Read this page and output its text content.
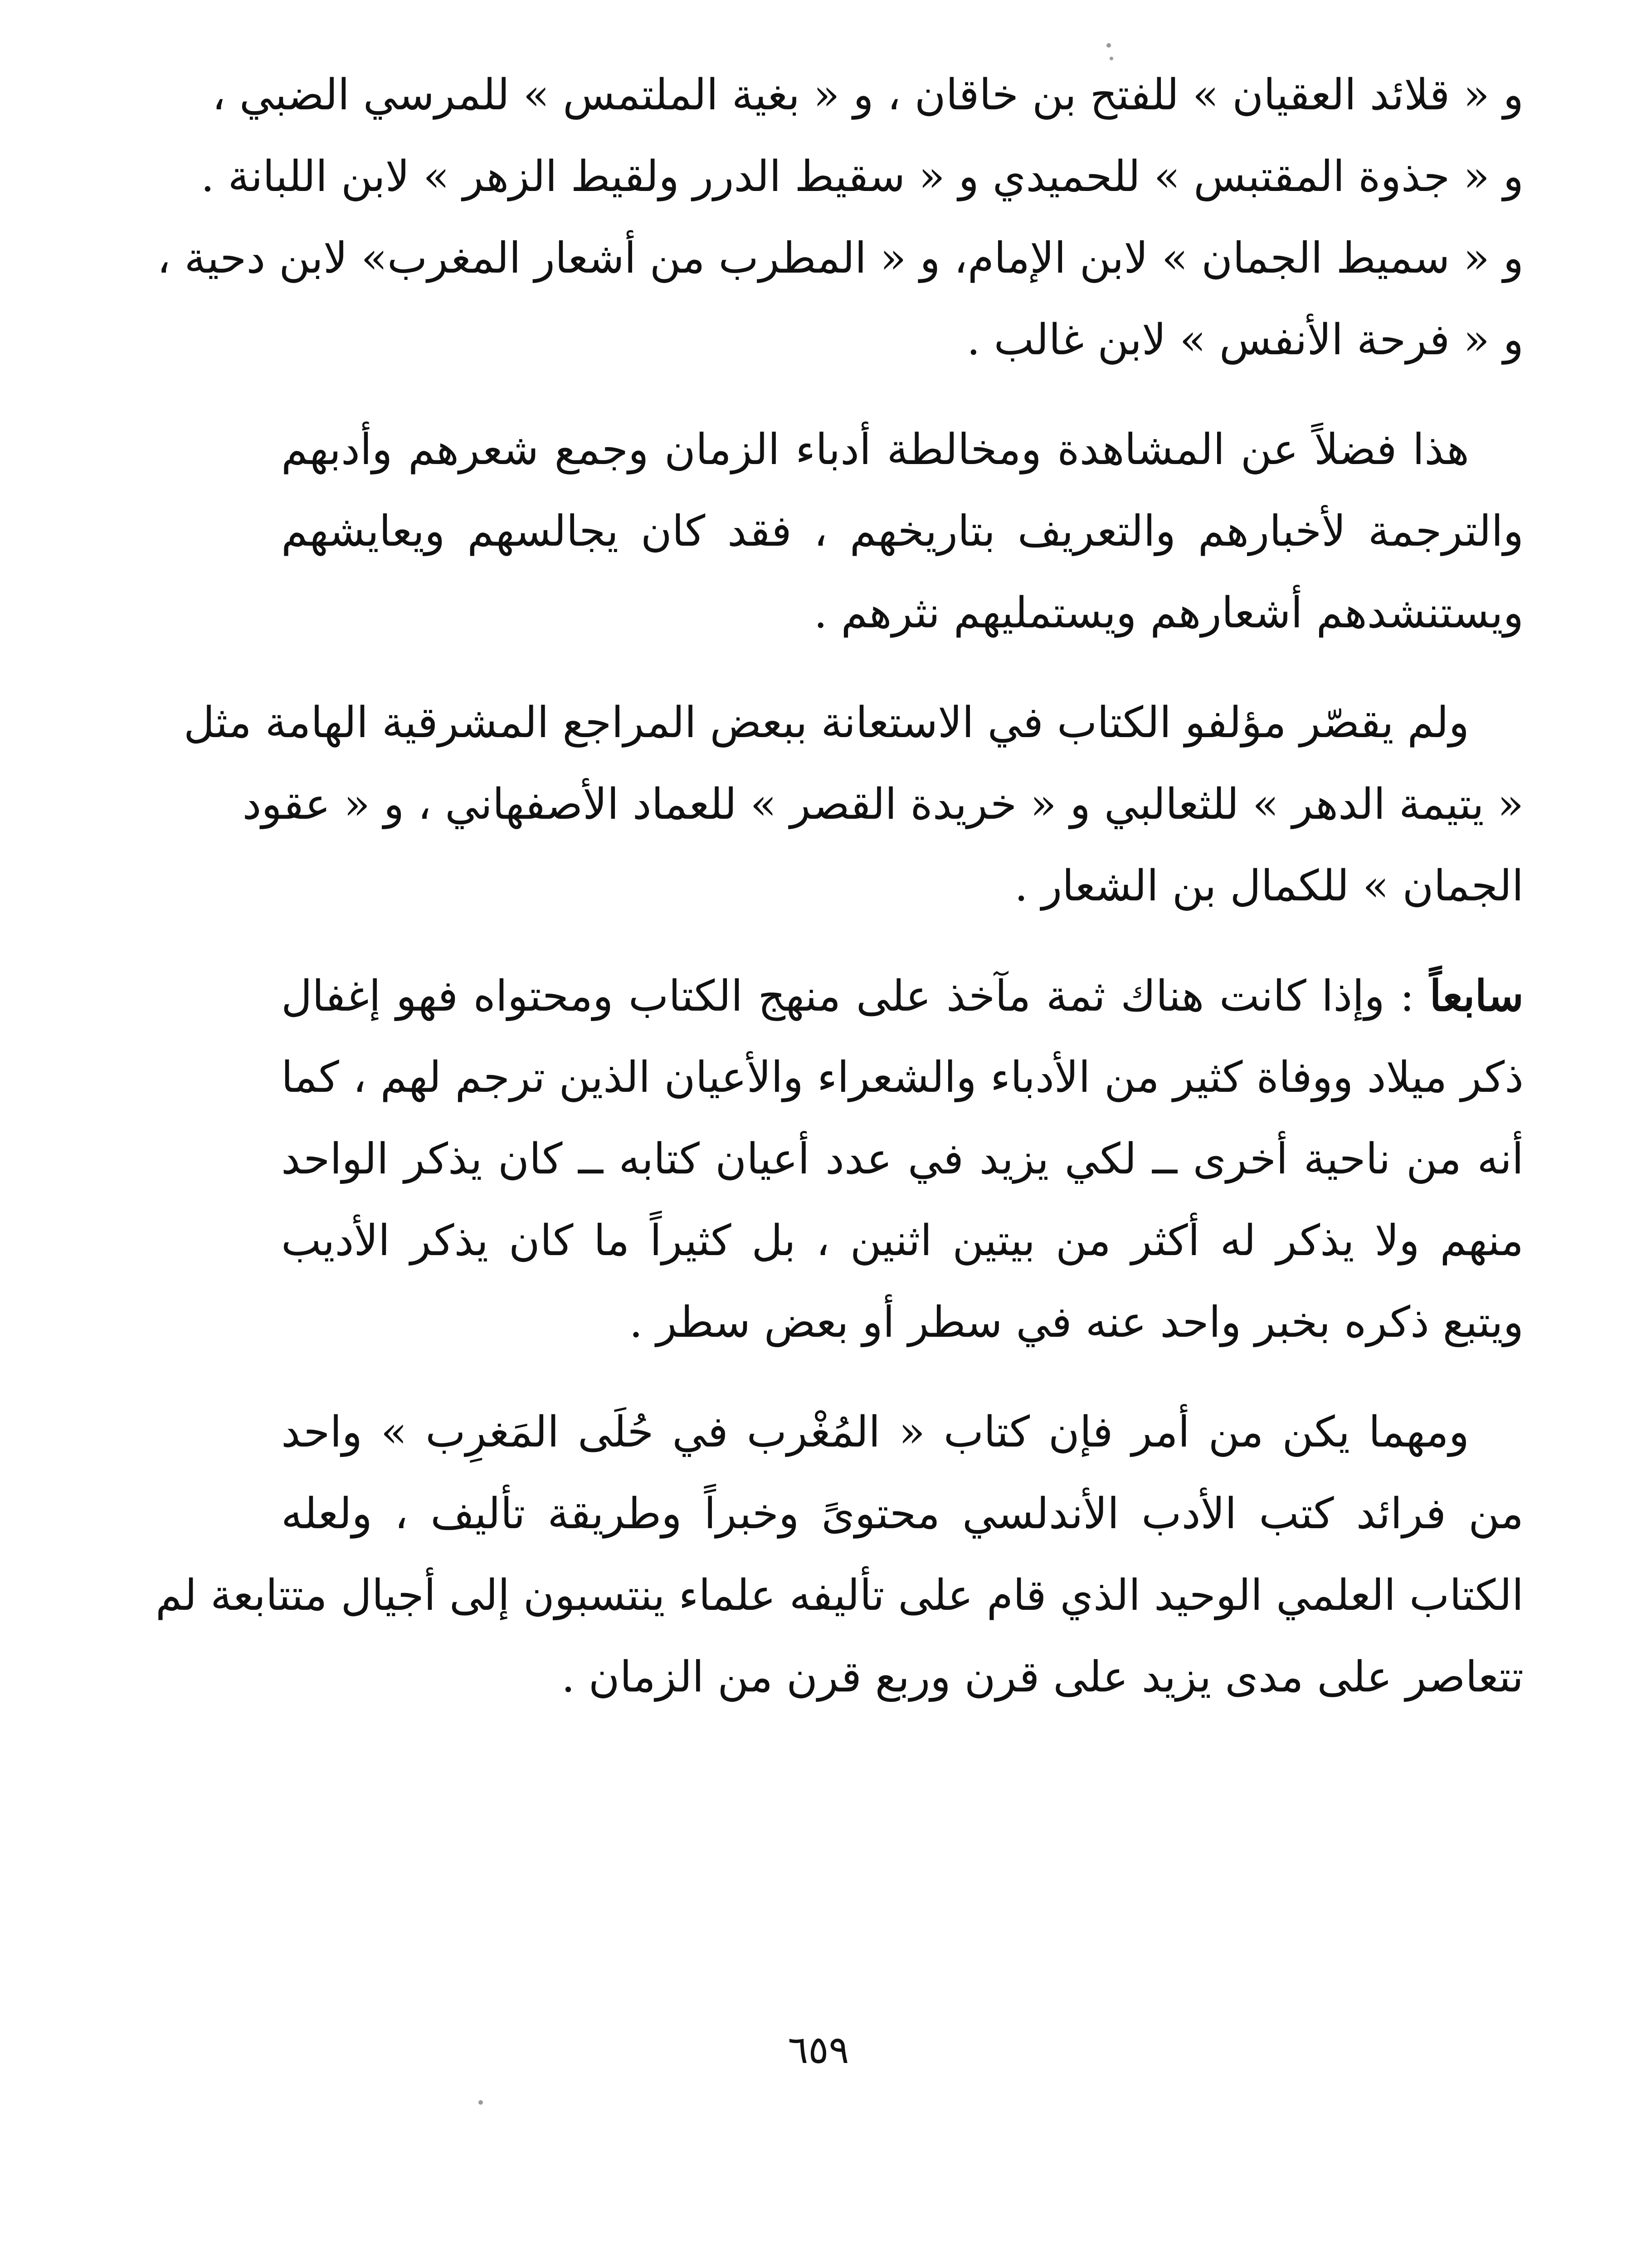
و « قلائد العقيان » للفتح بن خاقان ، و « بغية الملتمس » للمرسي الضبي ،
و « جذوة المقتبس » للحميدي و « سقيط الدرر ولقيط الزهر » لابن اللبانة .
و « سميط الجمان » لابن الإمام، و « المطرب من أشعار المغرب» لابن دحية ،
و « فرحة الأنفس » لابن غالب .
هذا فضلاً عن المشاهدة ومخالطة أدباء الزمان وجمع شعرهم وأدبهم
والترجمة لأخبارهم والتعريف بتاريخهم ، فقد كان يجالسهم ويعايشهم
ويستنشدهم أشعارهم ويستمليهم نثرهم .
ولم يقصّر مؤلفو الكتاب في الاستعانة ببعض المراجع المشرقية الهامة مثل
« يتيمة الدهر » للثعالبي و « خريدة القصر » للعماد الأصفهاني ، و « عقود
الجمان » للكمال بن الشعار .
سابعاً : وإذا كانت هناك ثمة مآخذ على منهج الكتاب ومحتواه فهو إغفال
ذكر ميلاد ووفاة كثير من الأدباء والشعراء والأعيان الذين ترجم لهم ، كما
أنه من ناحية أخرى ــ لكي يزيد في عدد أعيان كتابه ــ كان يذكر الواحد
منهم ولا يذكر له أكثر من بيتين اثنين ، بل كثيراً ما كان يذكر الأديب
ويتبع ذكره بخبر واحد عنه في سطر أو بعض سطر .
ومهما يكن من أمر فإن كتاب « المُغْرب في حُلَى المَغرِب » واحد
من فرائد كتب الأدب الأندلسي محتوىً وخبراً وطريقة تأليف ، ولعله
الكتاب العلمي الوحيد الذي قام على تأليفه علماء ينتسبون إلى أجيال متتابعة لم
تتعاصر على مدى يزيد على قرن وربع قرن من الزمان .
٦٥٩
